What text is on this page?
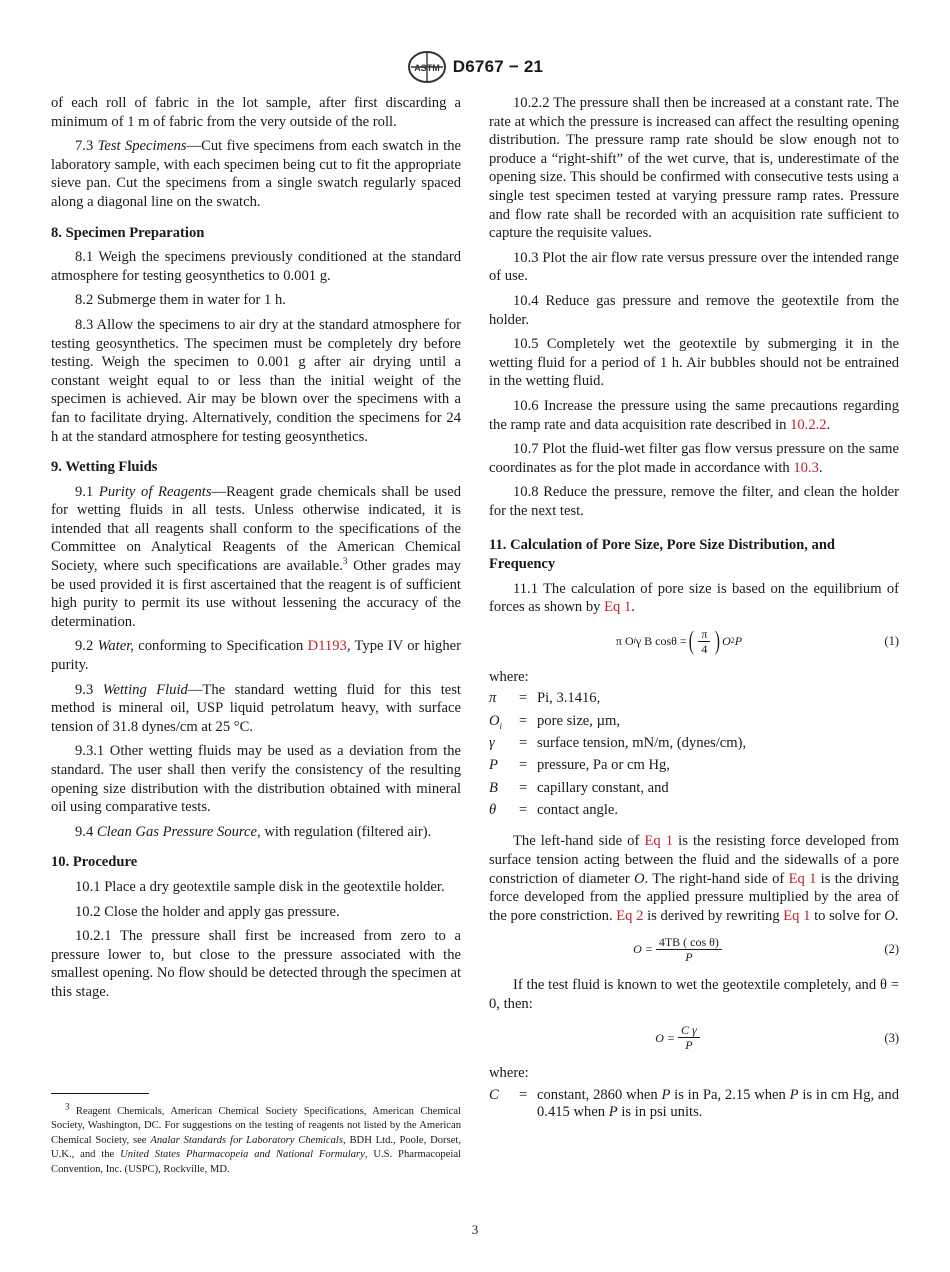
ASTM D6767 − 21

of each roll of fabric in the lot sample, after first discarding a minimum of 1 m of fabric from the very outside of the roll.

7.3 Test Specimens—Cut five specimens from each swatch in the laboratory sample, with each specimen being cut to fit the appropriate sieve pan. Cut the specimens from a single swatch regularly spaced along a diagonal line on the swatch.

8. Specimen Preparation

8.1 Weigh the specimens previously conditioned at the standard atmosphere for testing geosynthetics to 0.001 g.

8.2 Submerge them in water for 1 h.

8.3 Allow the specimens to air dry at the standard atmosphere for testing geosynthetics. The specimen must be completely dry before testing. Weigh the specimen to 0.001 g after air drying until a constant weight equal to or less than the initial weight of the specimen is achieved. Air may be blown over the specimens with a fan to facilitate drying. Alternatively, condition the specimens for 24 h at the standard atmosphere for testing geosynthetics.

9. Wetting Fluids

9.1 Purity of Reagents—Reagent grade chemicals shall be used for wetting fluids in all tests. Unless otherwise indicated, it is intended that all reagents shall conform to the specifications of the Committee on Analytical Reagents of the American Chemical Society, where such specifications are available.$^3$ Other grades may be used provided it is first ascertained that the reagent is of sufficient high purity to permit its use without lessening the accuracy of the determination.

9.2 Water, conforming to Specification D1193, Type IV or higher purity.

9.3 Wetting Fluid—The standard wetting fluid for this test method is mineral oil, USP liquid petrolatum heavy, with surface tension of 31.8 dynes/cm at 25 °C.

9.3.1 Other wetting fluids may be used as a deviation from the standard. The user shall then verify the consistency of the resulting opening size distribution with the distribution obtained with mineral oil using comparative tests.

9.4 Clean Gas Pressure Source, with regulation (filtered air).

10. Procedure

10.1 Place a dry geotextile sample disk in the geotextile holder.

10.2 Close the holder and apply gas pressure.

10.2.1 The pressure shall first be increased from zero to a pressure lower to, but close to the pressure associated with the smallest opening. No flow should be detected through the specimen at this stage.

$^3$ Reagent Chemicals, American Chemical Society Specifications, American Chemical Society, Washington, DC. For suggestions on the testing of reagents not listed by the American Chemical Society, see Analar Standards for Laboratory Chemicals, BDH Ltd., Poole, Dorset, U.K., and the United States Pharmacopeia and National Formulary, U.S. Pharmacopeial Convention, Inc. (USPC), Rockville, MD.

10.2.2 The pressure shall then be increased at a constant rate. The rate at which the pressure is increased can affect the resulting opening distribution. The pressure ramp rate should be slow enough not to produce a “right-shift” of the wet curve, that is, underestimate of the opening size. This should be confirmed with consecutive tests using a single test specimen tested at varying pressure ramp rates. Pressure and flow rate shall be recorded with an acquisition rate sufficient to capture the requisite values.

10.3 Plot the air flow rate versus pressure over the intended range of use.

10.4 Reduce gas pressure and remove the geotextile from the holder.

10.5 Completely wet the geotextile by submerging it in the wetting fluid for a period of 1 h. Air bubbles should not be entrained in the wetting fluid.

10.6 Increase the pressure using the same precautions regarding the ramp rate and data acquisition rate described in 10.2.2.

10.7 Plot the fluid-wet filter gas flow versus pressure on the same coordinates as for the plot made in accordance with 10.3.

10.8 Reduce the pressure, remove the filter, and clean the holder for the next test.

11. Calculation of Pore Size, Pore Size Distribution, and Frequency

11.1 The calculation of pore size is based on the equilibrium of forces as shown by Eq 1.

π O i γ B cosθ = ( $\frac{\pi}{4}$ ) O 2 P	(1)

where:

π	= Pi, 3.1416,
$O_i$	= pore size, µm,
γ	= surface tension, mN/m, (dynes/cm),
P	= pressure, Pa or cm Hg,
B	= capillary constant, and
θ	= contact angle.

The left-hand side of Eq 1 is the resisting force developed from surface tension acting between the fluid and the sidewalls of a pore constriction of diameter O. The right-hand side of Eq 1 is the driving force developed from the applied pressure multiplied by the area of the pore constriction. Eq 2 is derived by rewriting Eq 1 to solve for O.

$O = \frac{\text{4TB ( cos θ)}}{P}$	(2)

If the test fluid is known to wet the geotextile completely, and θ = 0, then:

$O = \frac{\text{C γ}}{P}$	(3)

where:

C	= constant, 2860 when P is in Pa, 2.15 when P is in cm Hg, and 0.415 when P is in psi units.
3
